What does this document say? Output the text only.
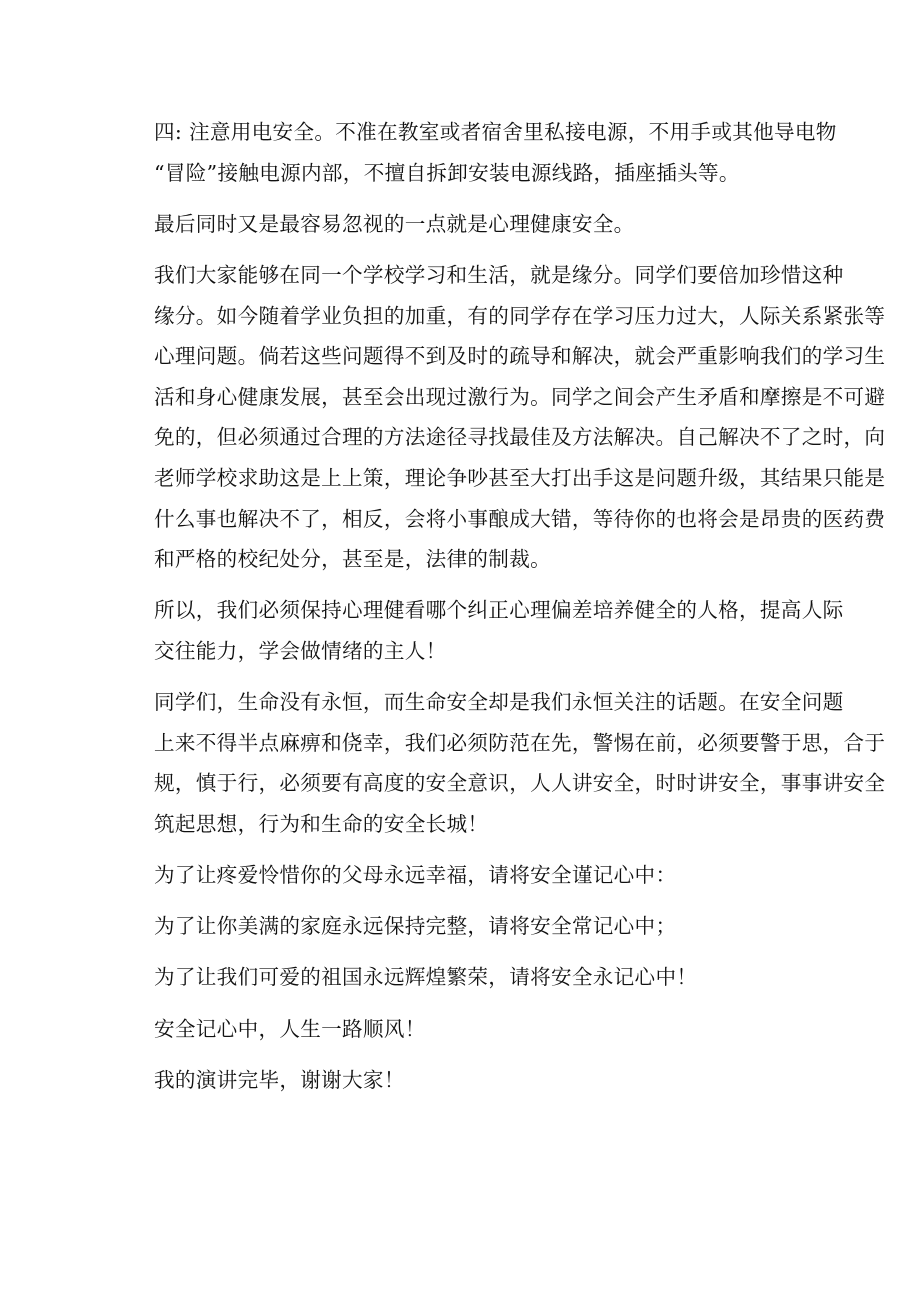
四: 注意用电安全。不准在教室或者宿舍里私接电源，不用手或其他导电物
“冒险”接触电源内部，不擅自拆卸安装电源线路，插座插头等。

最后同时又是最容易忽视的一点就是心理健康安全。

我们大家能够在同一个学校学习和生活，就是缘分。同学们要倍加珍惜这种
缘分。如今随着学业负担的加重，有的同学存在学习压力过大，人际关系紧张等
心理问题。倘若这些问题得不到及时的疏导和解决，就会严重影响我们的学习生
活和身心健康发展，甚至会出现过激行为。同学之间会产生矛盾和摩擦是不可避
免的，但必须通过合理的方法途径寻找最佳及方法解决。自己解决不了之时，向
老师学校求助这是上上策，理论争吵甚至大打出手这是问题升级，其结果只能是
什么事也解决不了，相反，会将小事酿成大错，等待你的也将会是昂贵的医药费
和严格的校纪处分，甚至是，法律的制裁。

所以，我们必须保持心理健看哪个纠正心理偏差培养健全的人格，提高人际
交往能力，学会做情绪的主人！

同学们，生命没有永恒，而生命安全却是我们永恒关注的话题。在安全问题
上来不得半点麻痹和侥幸，我们必须防范在先，警惕在前，必须要警于思，合于
规，慎于行，必须要有高度的安全意识，人人讲安全，时时讲安全，事事讲安全
筑起思想，行为和生命的安全长城！

为了让疼爱怜惜你的父母永远幸福，请将安全谨记心中：

为了让你美满的家庭永远保持完整，请将安全常记心中；

为了让我们可爱的祖国永远辉煌繁荣，请将安全永记心中！

安全记心中，人生一路顺风！

我的演讲完毕，谢谢大家！
